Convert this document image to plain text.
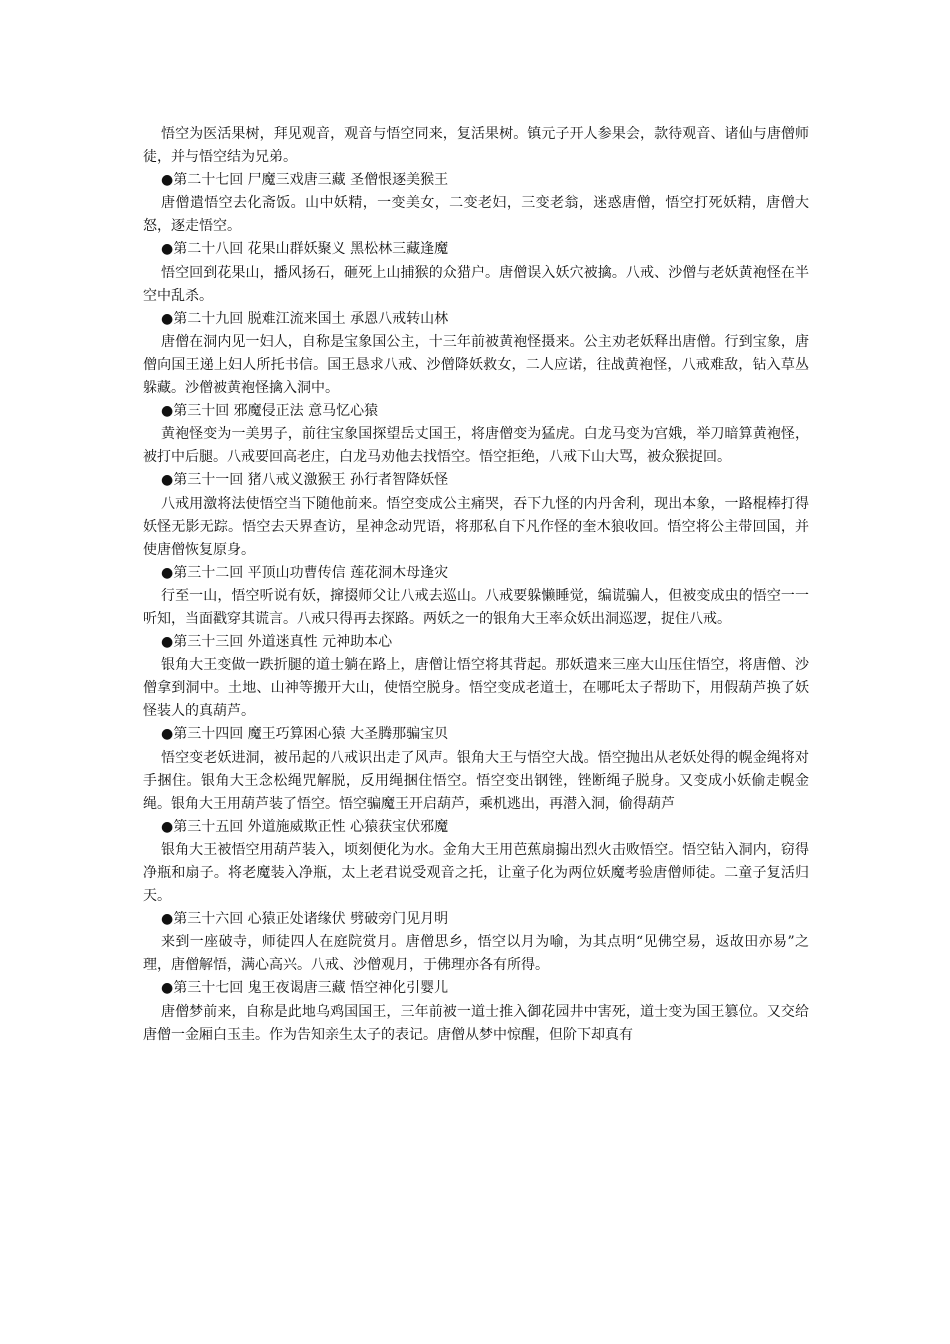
悟空为医活果树，拜见观音，观音与悟空同来，复活果树。镇元子开人参果会，款待观音、诸仙与唐僧师徒，并与悟空结为兄弟。

●第二十七回 尸魔三戏唐三藏 圣僧恨逐美猴王

唐僧遣悟空去化斋饭。山中妖精，一变美女，二变老妇，三变老翁，迷惑唐僧，悟空打死妖精，唐僧大怒，逐走悟空。

●第二十八回 花果山群妖聚义 黑松林三藏逢魔

悟空回到花果山，播风扬石，砸死上山捕猴的众猎户。唐僧误入妖穴被擒。八戒、沙僧与老妖黄袍怪在半空中乱杀。

●第二十九回 脱难江流来国土 承恩八戒转山林

唐僧在洞内见一妇人，自称是宝象国公主，十三年前被黄袍怪摄来。公主劝老妖释出唐僧。行到宝象，唐僧向国王递上妇人所托书信。国王恳求八戒、沙僧降妖救女，二人应诺，往战黄袍怪，八戒难敌，钻入草丛躲藏。沙僧被黄袍怪擒入洞中。

●第三十回 邪魔侵正法 意马忆心猿

黄袍怪变为一美男子，前往宝象国探望岳丈国王，将唐僧变为猛虎。白龙马变为宫娥，举刀暗算黄袍怪，被打中后腿。八戒要回高老庄，白龙马劝他去找悟空。悟空拒绝，八戒下山大骂，被众猴捉回。

●第三十一回 猪八戒义激猴王 孙行者智降妖怪

八戒用激将法使悟空当下随他前来。悟空变成公主痛哭，吞下九怪的内丹舍利，现出本象，一路棍棒打得妖怪无影无踪。悟空去天界查访，星神念动咒语，将那私自下凡作怪的奎木狼收回。悟空将公主带回国，并使唐僧恢复原身。

●第三十二回 平顶山功曹传信 莲花洞木母逢灾

行至一山，悟空听说有妖，撺掇师父让八戒去巡山。八戒要躲懒睡觉，编谎骗人，但被变成虫的悟空一一听知，当面戳穿其谎言。八戒只得再去探路。两妖之一的银角大王率众妖出洞巡逻，捉住八戒。

●第三十三回 外道迷真性 元神助本心

银角大王变做一跌折腿的道士躺在路上，唐僧让悟空将其背起。那妖遣来三座大山压住悟空，将唐僧、沙僧拿到洞中。土地、山神等搬开大山，使悟空脱身。悟空变成老道士，在哪吒太子帮助下，用假葫芦换了妖怪装人的真葫芦。

●第三十四回 魔王巧算困心猿 大圣腾那骗宝贝

悟空变老妖进洞，被吊起的八戒识出走了风声。银角大王与悟空大战。悟空抛出从老妖处得的幌金绳将对手捆住。银角大王念松绳咒解脱，反用绳捆住悟空。悟空变出钢锉，锉断绳子脱身。又变成小妖偷走幌金绳。银角大王用葫芦装了悟空。悟空骗魔王开启葫芦，乘机逃出，再潜入洞，偷得葫芦

●第三十五回 外道施威欺正性 心猿获宝伏邪魔

银角大王被悟空用葫芦装入，顷刻便化为水。金角大王用芭蕉扇搧出烈火击败悟空。悟空钻入洞内，窃得净瓶和扇子。将老魔装入净瓶，太上老君说受观音之托，让童子化为两位妖魔考验唐僧师徒。二童子复活归天。

●第三十六回 心猿正处诸缘伏 劈破旁门见月明

来到一座破寺，师徒四人在庭院赏月。唐僧思乡，悟空以月为喻，为其点明“见佛空易，返故田亦易”之理，唐僧解悟，满心高兴。八戒、沙僧观月，于佛理亦各有所得。

●第三十七回 鬼王夜谒唐三藏 悟空神化引婴儿

唐僧梦前来，自称是此地乌鸡国国王，三年前被一道士推入御花园井中害死，道士变为国王篡位。又交给唐僧一金厢白玉圭。作为告知亲生太子的表记。唐僧从梦中惊醒，但阶下却真有
